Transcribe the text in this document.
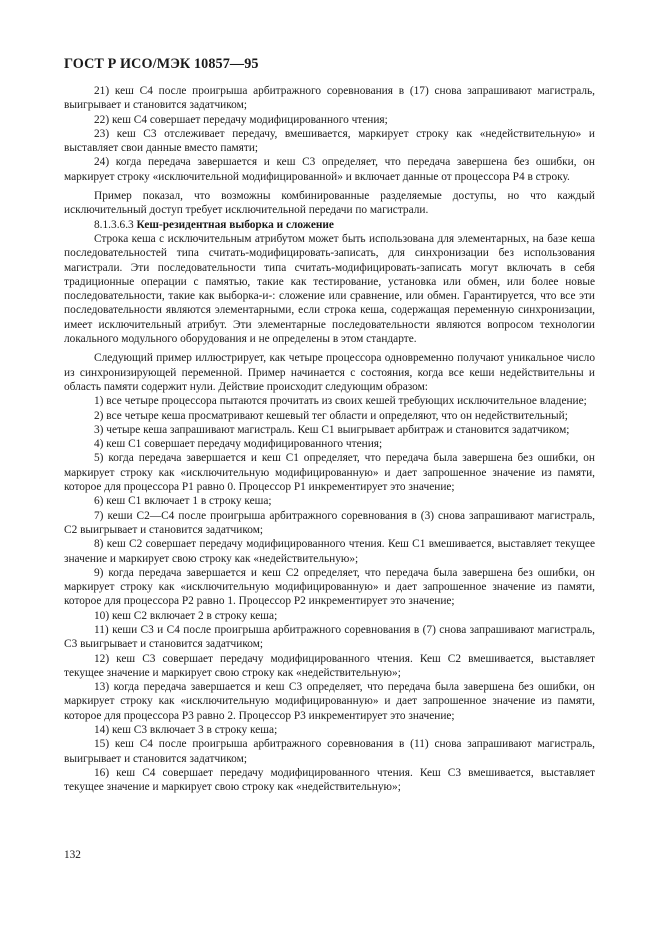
ГОСТ Р ИСО/МЭК 10857—95

21) кеш С4 после проигрыша арбитражного соревнования в (17) снова запрашивают магистраль, выигрывает и становится задатчиком;

22) кеш С4 совершает передачу модифицированного чтения;

23) кеш С3 отслеживает передачу, вмешивается, маркирует строку как «недействительную» и выставляет свои данные вместо памяти;

24) когда передача завершается и кеш С3 определяет, что передача завершена без ошибки, он маркирует строку «исключительной модифицированной» и включает данные от процессора Р4 в строку.

Пример показал, что возможны комбинированные разделяемые доступы, но что каждый исключительный доступ требует исключительной передачи по магистрали.

8.1.3.6.3 Кеш-резидентная выборка и сложение

Строка кеша с исключительным атрибутом может быть использована для элементарных, на базе кеша последовательностей типа считать-модифицировать-записать, для синхронизации без использования магистрали. Эти последовательности типа считать-модифицировать-записать могут включать в себя традиционные операции с памятью, такие как тестирование, установка или обмен, или более новые последовательности, такие как выборка-и-: сложение или сравнение, или обмен. Гарантируется, что все эти последовательности являются элементарными, если строка кеша, содержащая переменную синхронизации, имеет исключительный атрибут. Эти элементарные последовательности являются вопросом технологии локального модульного оборудования и не определены в этом стандарте.

Следующий пример иллюстрирует, как четыре процессора одновременно получают уникальное число из синхронизирующей переменной. Пример начинается с состояния, когда все кеши недействительны и область памяти содержит нули. Действие происходит следующим образом:

1) все четыре процессора пытаются прочитать из своих кешей требующих исключительное владение;

2) все четыре кеша просматривают кешевый тег области и определяют, что он недействительный;

3) четыре кеша запрашивают магистраль. Кеш С1 выигрывает арбитраж и становится задатчиком;

4) кеш С1 совершает передачу модифицированного чтения;

5) когда передача завершается и кеш С1 определяет, что передача была завершена без ошибки, он маркирует строку как «исключительную модифицированную» и дает запрошенное значение из памяти, которое для процессора Р1 равно 0. Процессор Р1 инкрементирует это значение;

6) кеш С1 включает 1 в строку кеша;

7) кеши С2—С4 после проигрыша арбитражного соревнования в (3) снова запрашивают магистраль, С2 выигрывает и становится задатчиком;

8) кеш С2 совершает передачу модифицированного чтения. Кеш С1 вмешивается, выставляет текущее значение и маркирует свою строку как «недействительную»;

9) когда передача завершается и кеш С2 определяет, что передача была завершена без ошибки, он маркирует строку как «исключительную модифицированную» и дает запрошенное значение из памяти, которое для процессора Р2 равно 1. Процессор Р2 инкрементирует это значение;

10) кеш С2 включает 2 в строку кеша;

11) кеши С3 и С4 после проигрыша арбитражного соревнования в (7) снова запрашивают магистраль, С3 выигрывает и становится задатчиком;

12) кеш С3 совершает передачу модифицированного чтения. Кеш С2 вмешивается, выставляет текущее значение и маркирует свою строку как «недействительную»;

13) когда передача завершается и кеш С3 определяет, что передача была завершена без ошибки, он маркирует строку как «исключительную модифицированную» и дает запрошенное значение из памяти, которое для процессора Р3 равно 2. Процессор Р3 инкрементирует это значение;

14) кеш С3 включает 3 в строку кеша;

15) кеш С4 после проигрыша арбитражного соревнования в (11) снова запрашивают магистраль, выигрывает и становится задатчиком;

16) кеш С4 совершает передачу модифицированного чтения. Кеш С3 вмешивается, выставляет текущее значение и маркирует свою строку как «недействительную»;

132
